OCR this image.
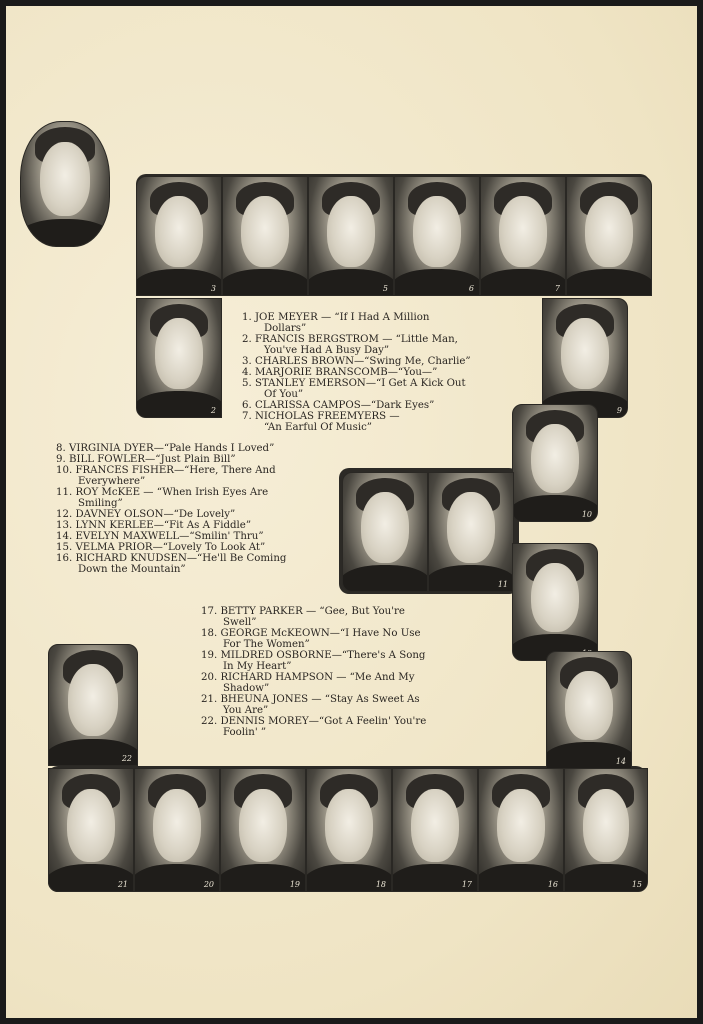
3	5	6	7
2	9
10
11
14
22
21	20	19	18	17	16	15
1. JOE MEYER — “If I Had A Million
Dollars”
2. FRANCIS BERGSTROM — “Little Man,
You've Had A Busy Day”
3. CHARLES BROWN—“Swing Me, Charlie”
4. MARJORIE BRANSCOMB—“You—”
5. STANLEY EMERSON—“I Get A Kick Out
Of You”
6. CLARISSA CAMPOS—“Dark Eyes”
7. NICHOLAS FREEMYERS —
“An Earful Of Music”
8. VIRGINIA DYER—“Pale Hands I Loved”
9. BILL FOWLER—“Just Plain Bill”
10. FRANCES FISHER—“Here, There And
Everywhere”
11. ROY McKEE — “When Irish Eyes Are
Smiling”
12. DAVNEY OLSON—“De Lovely”
13. LYNN KERLEE—“Fit As A Fiddle”
14. EVELYN MAXWELL—“Smilin' Thru”
15. VELMA PRIOR—“Lovely To Look At”
16. RICHARD KNUDSEN—“He'll Be Coming
Down the Mountain”
17. BETTY PARKER — “Gee, But You're
Swell”
18. GEORGE McKEOWN—“I Have No Use
For The Women”
19. MILDRED OSBORNE—“There's A Song
In My Heart”
20. RICHARD HAMPSON — “Me And My
Shadow”
21. BHEUNA JONES — “Stay As Sweet As
You Are”
22. DENNIS MOREY—“Got A Feelin' You're
Foolin' ”
